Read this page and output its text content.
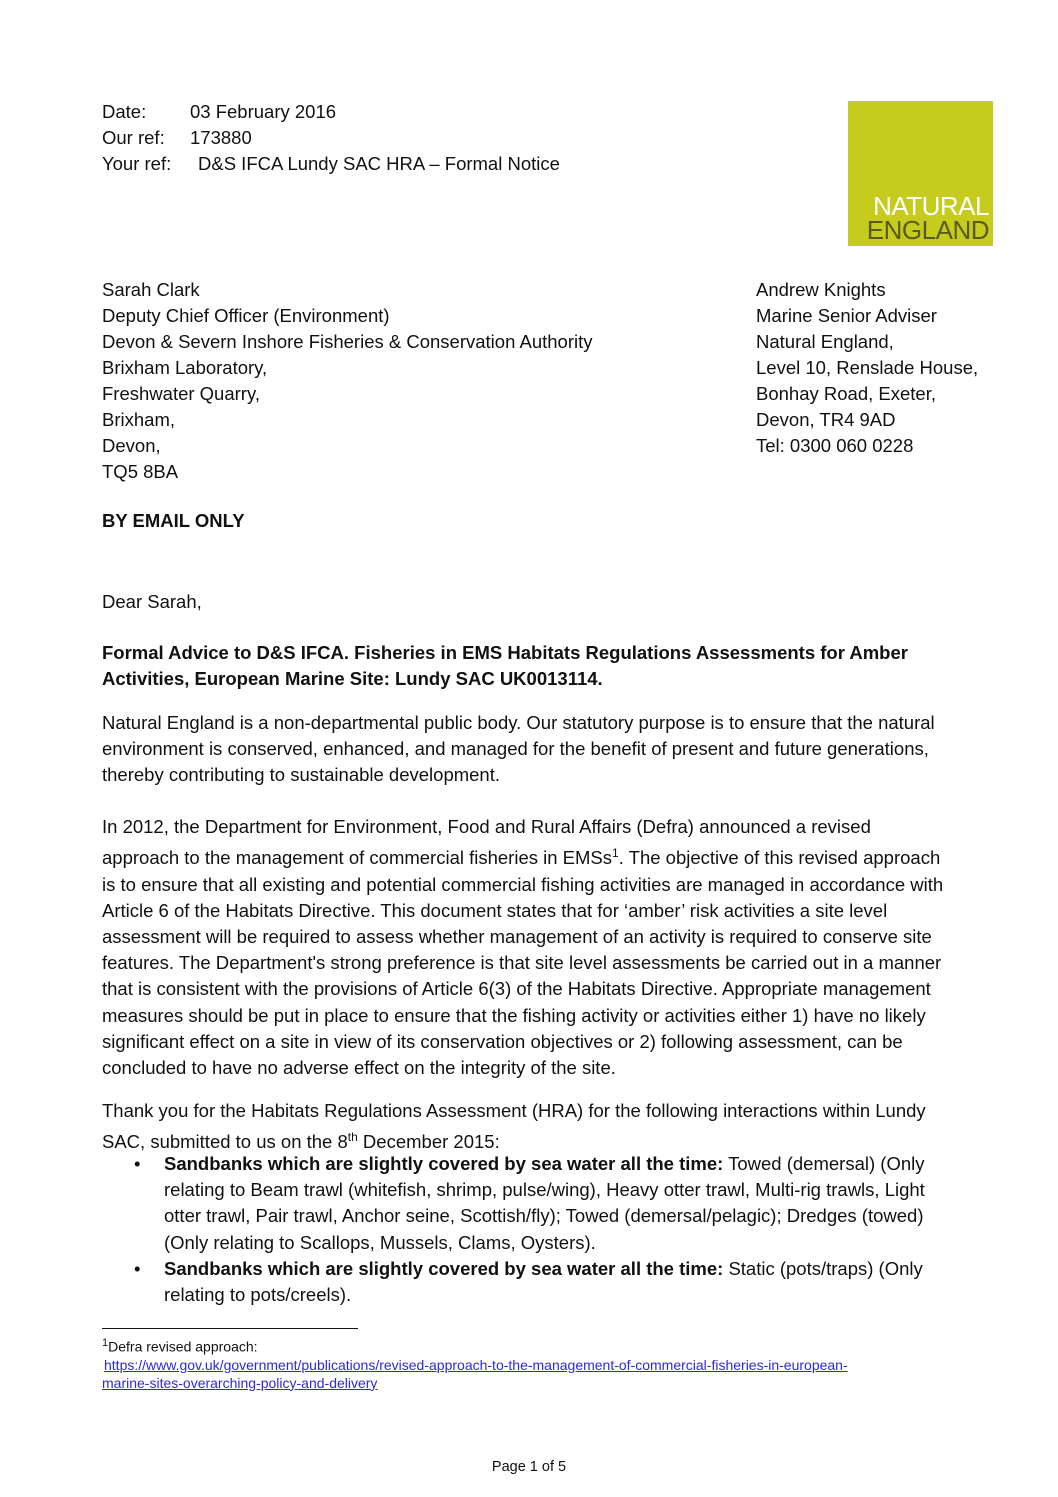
Date: 03 February 2016
Our ref: 173880
Your ref: D&S IFCA Lundy SAC HRA – Formal Notice
NATURAL
ENGLAND
Sarah Clark
Deputy Chief Officer (Environment)
Devon & Severn Inshore Fisheries & Conservation Authority
Brixham Laboratory,
Freshwater Quarry,
Brixham,
Devon,
TQ5 8BA
Andrew Knights
Marine Senior Adviser
Natural England,
Level 10, Renslade House,
Bonhay Road, Exeter,
Devon, TR4 9AD
Tel: 0300 060 0228
BY EMAIL ONLY
Dear Sarah,
Formal Advice to D&S IFCA. Fisheries in EMS Habitats Regulations Assessments for Amber
Activities, European Marine Site: Lundy SAC UK0013114.
Natural England is a non-departmental public body. Our statutory purpose is to ensure that the natural
environment is conserved, enhanced, and managed for the benefit of present and future generations,
thereby contributing to sustainable development.
In 2012, the Department for Environment, Food and Rural Affairs (Defra) announced a revised
approach to the management of commercial fisheries in EMSs$^1$. The objective of this revised approach
is to ensure that all existing and potential commercial fishing activities are managed in accordance with
Article 6 of the Habitats Directive. This document states that for ‘amber’ risk activities a site level
assessment will be required to assess whether management of an activity is required to conserve site
features. The Department's strong preference is that site level assessments be carried out in a manner
that is consistent with the provisions of Article 6(3) of the Habitats Directive. Appropriate management
measures should be put in place to ensure that the fishing activity or activities either 1) have no likely
significant effect on a site in view of its conservation objectives or 2) following assessment, can be
concluded to have no adverse effect on the integrity of the site.
Thank you for the Habitats Regulations Assessment (HRA) for the following interactions within Lundy
SAC, submitted to us on the 8th December 2015:
• Sandbanks which are slightly covered by sea water all the time: Towed (demersal) (Only
relating to Beam trawl (whitefish, shrimp, pulse/wing), Heavy otter trawl, Multi-rig trawls, Light
otter trawl, Pair trawl, Anchor seine, Scottish/fly); Towed (demersal/pelagic); Dredges (towed)
(Only relating to Scallops, Mussels, Clams, Oysters).
• Sandbanks which are slightly covered by sea water all the time: Static (pots/traps) (Only
relating to pots/creels).
$^1$Defra revised approach:
https://www.gov.uk/government/publications/revised-approach-to-the-management-of-commercial-fisheries-in-european-
marine-sites-overarching-policy-and-delivery
Page 1 of 5
